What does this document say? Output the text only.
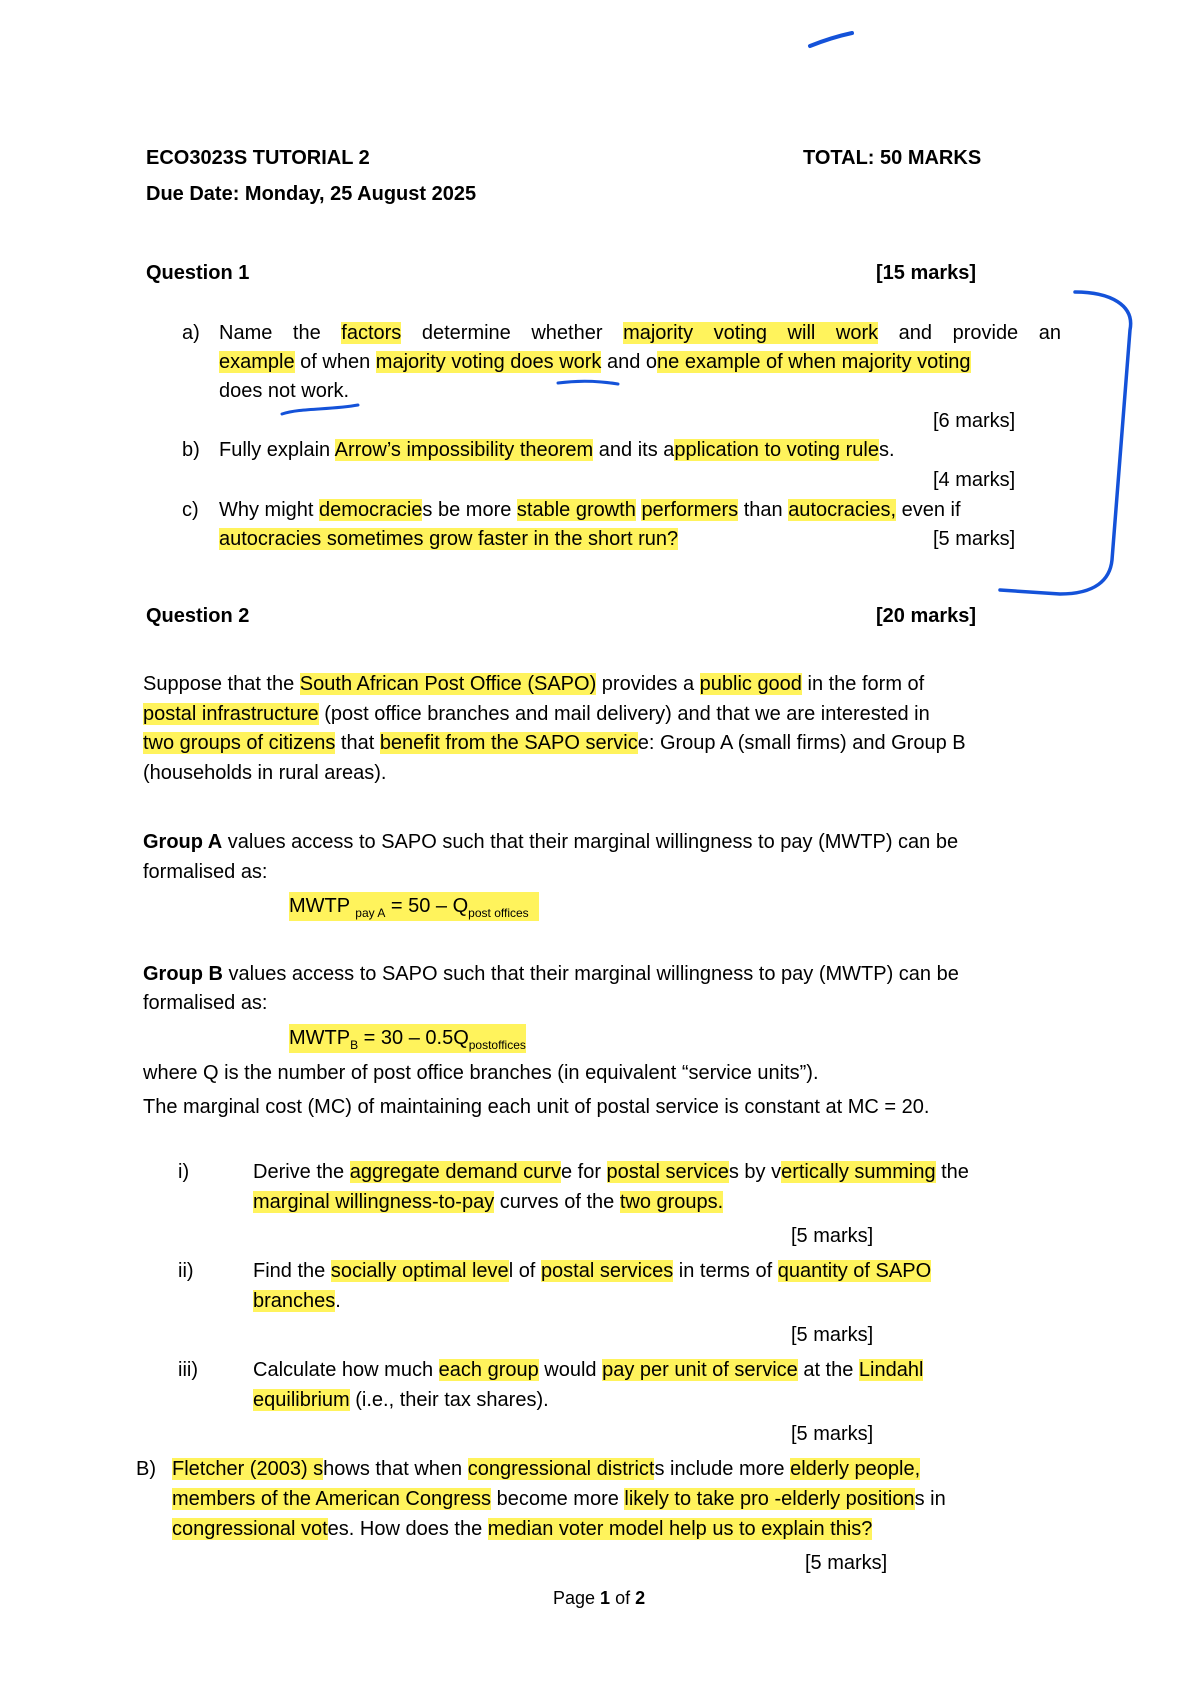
ECO3023S TUTORIAL 2	TOTAL: 50 MARKS
Due Date: Monday, 25 August 2025
Question 1	[15 marks]
a) Name the factors determine whether majority voting will work and provide an
example of when majority voting does work and one example of when majority voting
does not work.
[6 marks]
b) Fully explain Arrow’s impossibility theorem and its application to voting rules.
[4 marks]
c) Why might democracies be more stable growth performers than autocracies, even if
autocracies sometimes grow faster in the short run?	[5 marks]
Question 2	[20 marks]
Suppose that the South African Post Office (SAPO) provides a public good in the form of
postal infrastructure (post office branches and mail delivery) and that we are interested in
two groups of citizens that benefit from the SAPO service: Group A (small firms) and Group B
(households in rural areas).
Group A values access to SAPO such that their marginal willingness to pay (MWTP) can be
formalised as:
MWTP $_{pay A} = 50 - Q_{post offices}$
Group B values access to SAPO such that their marginal willingness to pay (MWTP) can be
formalised as:
$MWTP_B = 30 - 0.5Q_{postoffices}$
where Q is the number of post office branches (in equivalent “service units”).
The marginal cost (MC) of maintaining each unit of postal service is constant at MC = 20.
i)	Derive the aggregate demand curve for postal services by vertically summing the
marginal willingness-to-pay curves of the two groups.
[5 marks]
ii)	Find the socially optimal level of postal services in terms of quantity of SAPO
branches.
[5 marks]
iii)	Calculate how much each group would pay per unit of service at the Lindahl
equilibrium (i.e., their tax shares).
[5 marks]
B) Fletcher (2003) shows that when congressional districts include more elderly people,
members of the American Congress become more likely to take pro -elderly positions in
congressional votes. How does the median voter model help us to explain this?
[5 marks]
Page 1 of 2
